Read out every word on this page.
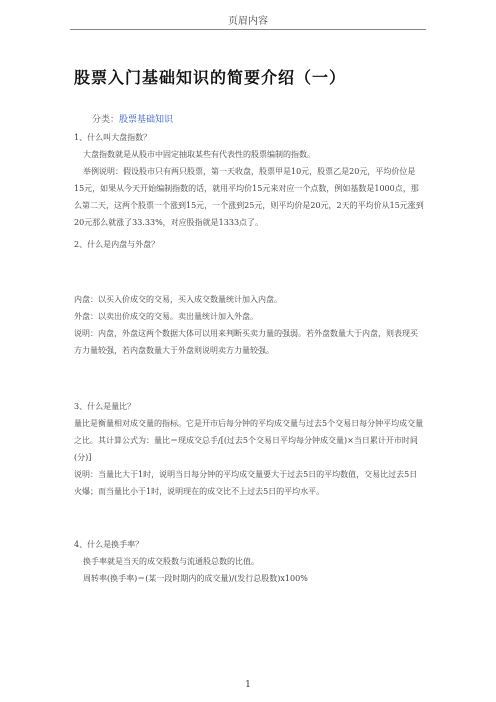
页眉内容
股票入门基础知识的简要介绍（一）
分类：股票基础知识

1、什么叫大盘指数？

大盘指数就是从股市中固定抽取某些有代表性的股票编制的指数。

举例说明：假设股市只有两只股票，第一天收盘，股票甲是10元，股票乙是20元，平均价位是15元，如果从今天开始编制指数的话，就用平均价15元来对应一个点数，例如基数是1000点，那么第二天，这两个股票一个涨到15元，一个涨到25元，则平均价是20元，2天的平均价从15元涨到20元那么就涨了33.33%，对应股指就是1333点了。

2、什么是内盘与外盘？

内盘：以买入价成交的交易，买入成交数量统计加入内盘。

外盘：以卖出价成交的交易。卖出量统计加入外盘。

说明：内盘，外盘这两个数据大体可以用来判断买卖力量的强弱。若外盘数量大于内盘，则表现买方力量较强，若内盘数量大于外盘则说明卖方力量较强。

3、什么是量比？

量比是衡量相对成交量的指标。它是开市后每分钟的平均成交量与过去5个交易日每分钟平均成交量之比。其计算公式为：量比＝现成交总手/[(过去5个交易日平均每分钟成交量)×当日累计开市时间(分)]

说明：当量比大于1时，说明当日每分钟的平均成交量要大于过去5日的平均数值，交易比过去5日火爆；而当量比小于1时，说明现在的成交比不上过去5日的平均水平。

4、什么是换手率？

换手率就是当天的成交股数与流通股总数的比值。

周转率(换手率)＝(某一段时期内的成交量)/(发行总股数)x100%

1
